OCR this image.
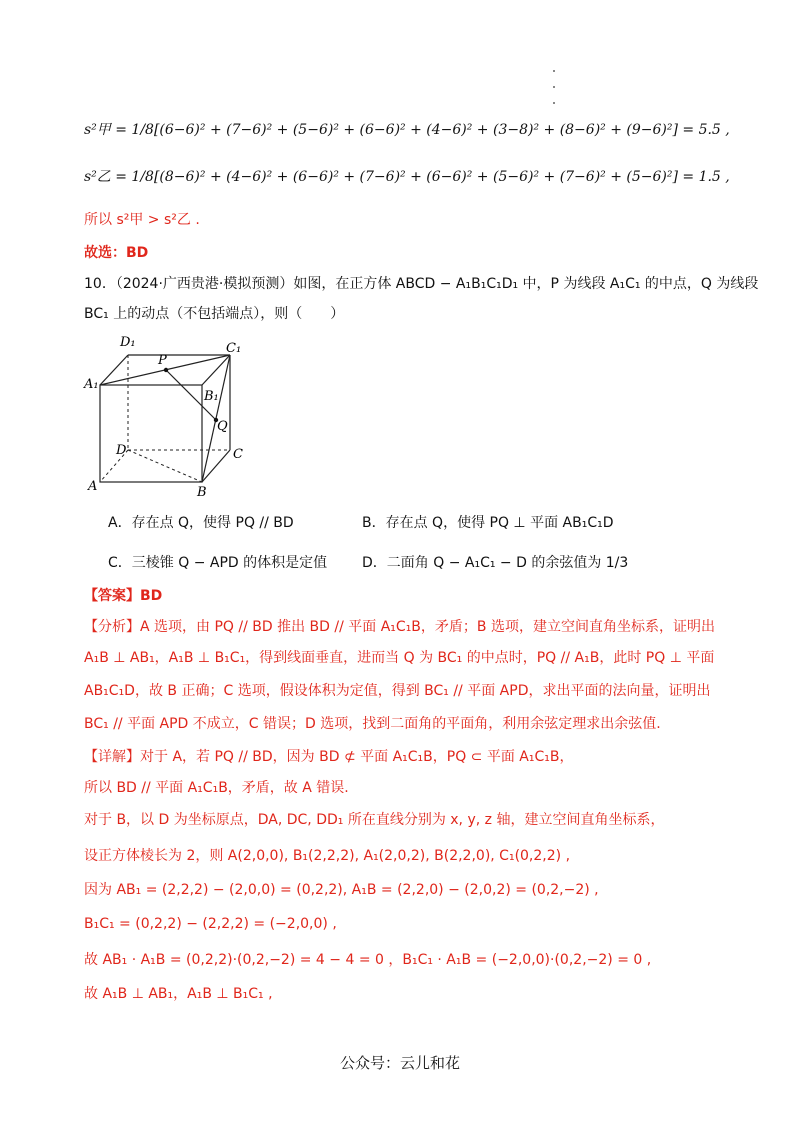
s²甲 = 1/8[(6−6)² + (7−6)² + (5−6)² + (6−6)² + (4−6)² + (3−8)² + (8−6)² + (9−6)²] = 5.5 ,
s²乙 = 1/8[(8−6)² + (4−6)² + (6−6)² + (7−6)² + (6−6)² + (5−6)² + (7−6)² + (5−6)²] = 1.5 ,
所以 s²甲 > s²乙 .
故选：BD
10．（2024·广西贵港·模拟预测）如图，在正方体 ABCD − A₁B₁C₁D₁ 中，P 为线段 A₁C₁ 的中点，Q 为线段
BC₁ 上的动点（不包括端点），则（　　）
D₁	C₁
A₁
B₁
P
Q
D	C
A	B
A．存在点 Q，使得 PQ // BD	B．存在点 Q，使得 PQ ⊥ 平面 AB₁C₁D
C．三棱锥 Q − APD 的体积是定值 D．二面角 Q − A₁C₁ − D 的余弦值为 1/3
【答案】BD
【分析】A 选项，由 PQ // BD 推出 BD // 平面 A₁C₁B，矛盾；B 选项，建立空间直角坐标系，证明出
A₁B ⊥ AB₁，A₁B ⊥ B₁C₁，得到线面垂直，进而当 Q 为 BC₁ 的中点时，PQ // A₁B，此时 PQ ⊥ 平面
AB₁C₁D，故 B 正确；C 选项，假设体积为定值，得到 BC₁ // 平面 APD，求出平面的法向量，证明出
BC₁ // 平面 APD 不成立，C 错误；D 选项，找到二面角的平面角，利用余弦定理求出余弦值.
【详解】对于 A，若 PQ // BD，因为 BD ⊄ 平面 A₁C₁B，PQ ⊂ 平面 A₁C₁B，
所以 BD // 平面 A₁C₁B，矛盾，故 A 错误.
对于 B，以 D 为坐标原点，DA, DC, DD₁ 所在直线分别为 x, y, z 轴，建立空间直角坐标系，
设正方体棱长为 2，则 A(2,0,0), B₁(2,2,2), A₁(2,0,2), B(2,2,0), C₁(0,2,2) ,
因为 AB₁ = (2,2,2) − (2,0,0) = (0,2,2), A₁B = (2,2,0) − (2,0,2) = (0,2,−2) ,
B₁C₁ = (0,2,2) − (2,2,2) = (−2,0,0) ,
故 AB₁ · A₁B = (0,2,2)·(0,2,−2) = 4 − 4 = 0 ，B₁C₁ · A₁B = (−2,0,0)·(0,2,−2) = 0 ,
故 A₁B ⊥ AB₁，A₁B ⊥ B₁C₁ ,
公众号：云儿和花
